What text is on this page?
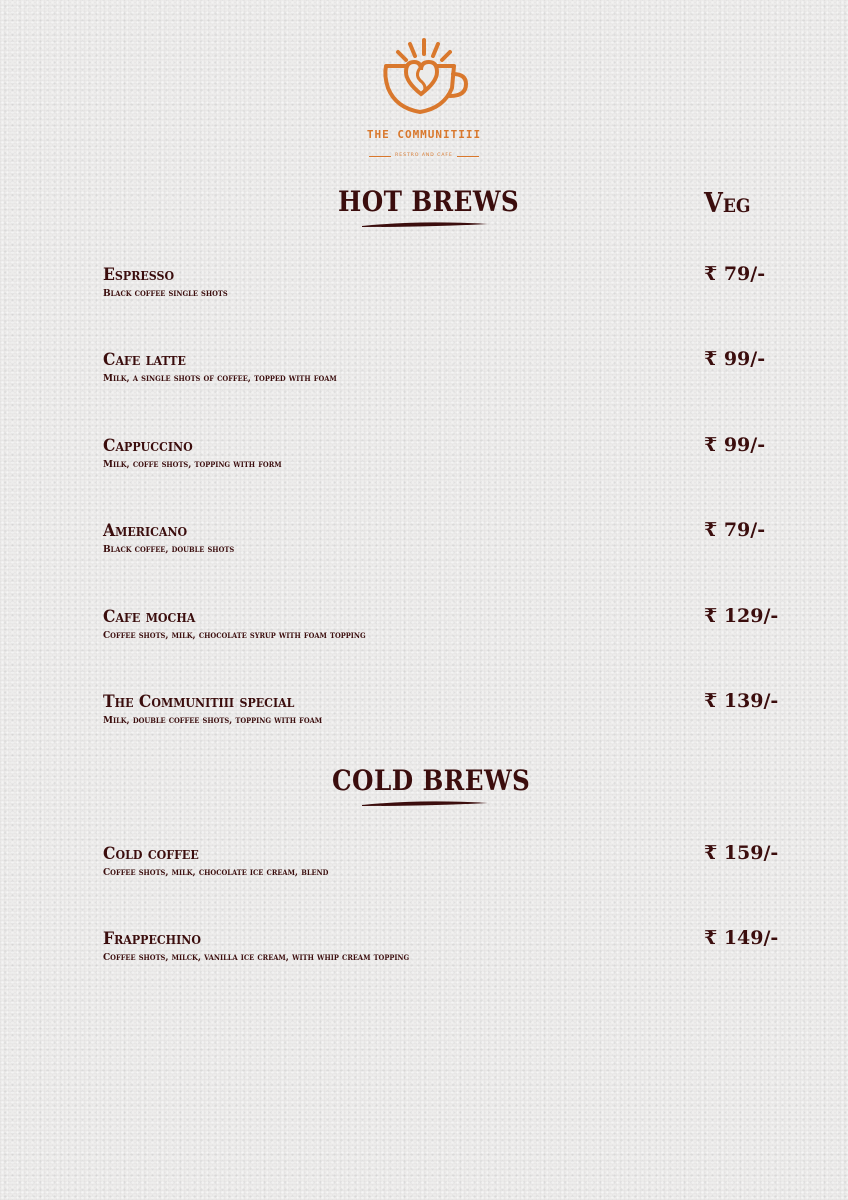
THE COMMUNITIII
RESTRO AND CAFE
HOT BREWS	Veg
Espresso
Black coffee single shots
₹ 79/-
Cafe latte
Milk, a single shots of coffee, topped with foam
₹ 99/-
Cappuccino
Milk, coffe shots, topping with form
₹ 99/-
Americano
Black coffee, double shots
₹ 79/-
Cafe mocha
Coffee shots, milk, chocolate syrup with foam topping
₹ 129/-
The Communitiii special
Milk, double coffee shots, topping with foam
₹ 139/-
COLD BREWS
Cold coffee
Coffee shots, milk, chocolate ice cream, blend
₹ 159/-
Frappechino
Coffee shots, milck, vanilla ice cream, with whip cream topping
₹ 149/-
